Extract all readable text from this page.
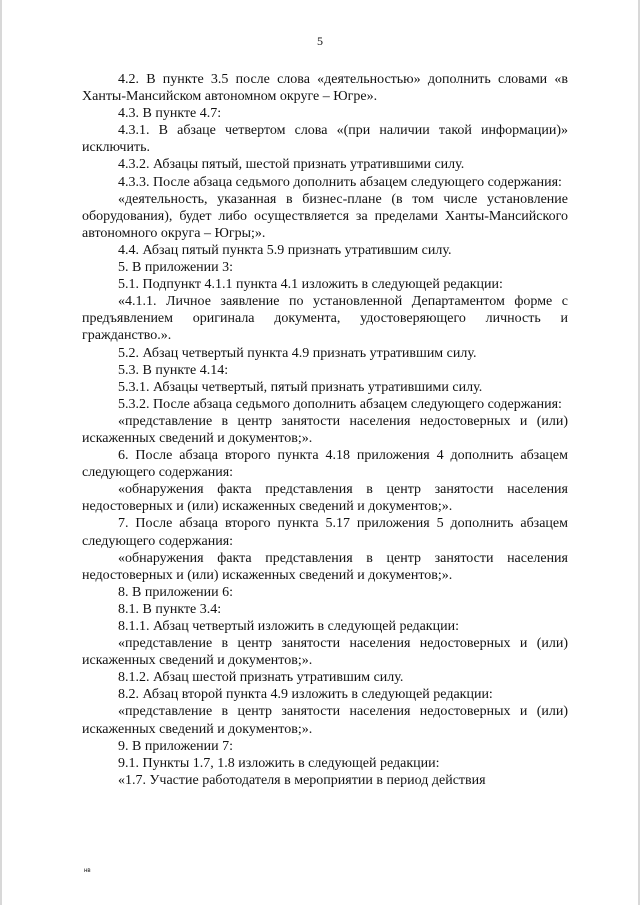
5

4.2. В пункте 3.5 после слова «деятельностью» дополнить словами «в Ханты-Мансийском автономном округе – Югре».

4.3. В пункте 4.7:

4.3.1. В абзаце четвертом слова «(при наличии такой информации)» исключить.

4.3.2. Абзацы пятый, шестой признать утратившими силу.

4.3.3. После абзаца седьмого дополнить абзацем следующего содержания:

«деятельность, указанная в бизнес-плане (в том числе установление оборудования), будет либо осуществляется за пределами Ханты-Мансийского автономного округа – Югры;».

4.4. Абзац пятый пункта 5.9 признать утратившим силу.

5. В приложении 3:

5.1. Подпункт 4.1.1 пункта 4.1 изложить в следующей редакции:

«4.1.1. Личное заявление по установленной Департаментом форме с предъявлением оригинала документа, удостоверяющего личность и гражданство.».

5.2. Абзац четвертый пункта 4.9 признать утратившим силу.

5.3. В пункте 4.14:

5.3.1. Абзацы четвертый, пятый признать утратившими силу.

5.3.2. После абзаца седьмого дополнить абзацем следующего содержания:

«представление в центр занятости населения недостоверных и (или) искаженных сведений и документов;».

6. После абзаца второго пункта 4.18 приложения 4 дополнить абзацем следующего содержания:

«обнаружения факта представления в центр занятости населения недостоверных и (или) искаженных сведений и документов;».

7. После абзаца второго пункта 5.17 приложения 5 дополнить абзацем следующего содержания:

«обнаружения факта представления в центр занятости населения недостоверных и (или) искаженных сведений и документов;».

8. В приложении 6:

8.1. В пункте 3.4:

8.1.1. Абзац четвертый изложить в следующей редакции:

«представление в центр занятости населения недостоверных и (или) искаженных сведений и документов;».

8.1.2. Абзац шестой признать утратившим силу.

8.2. Абзац второй пункта 4.9 изложить в следующей редакции:

«представление в центр занятости населения недостоверных и (или) искаженных сведений и документов;».

9. В приложении 7:

9.1. Пункты 1.7, 1.8 изложить в следующей редакции:

«1.7. Участие работодателя в мероприятии в период действия

нв
